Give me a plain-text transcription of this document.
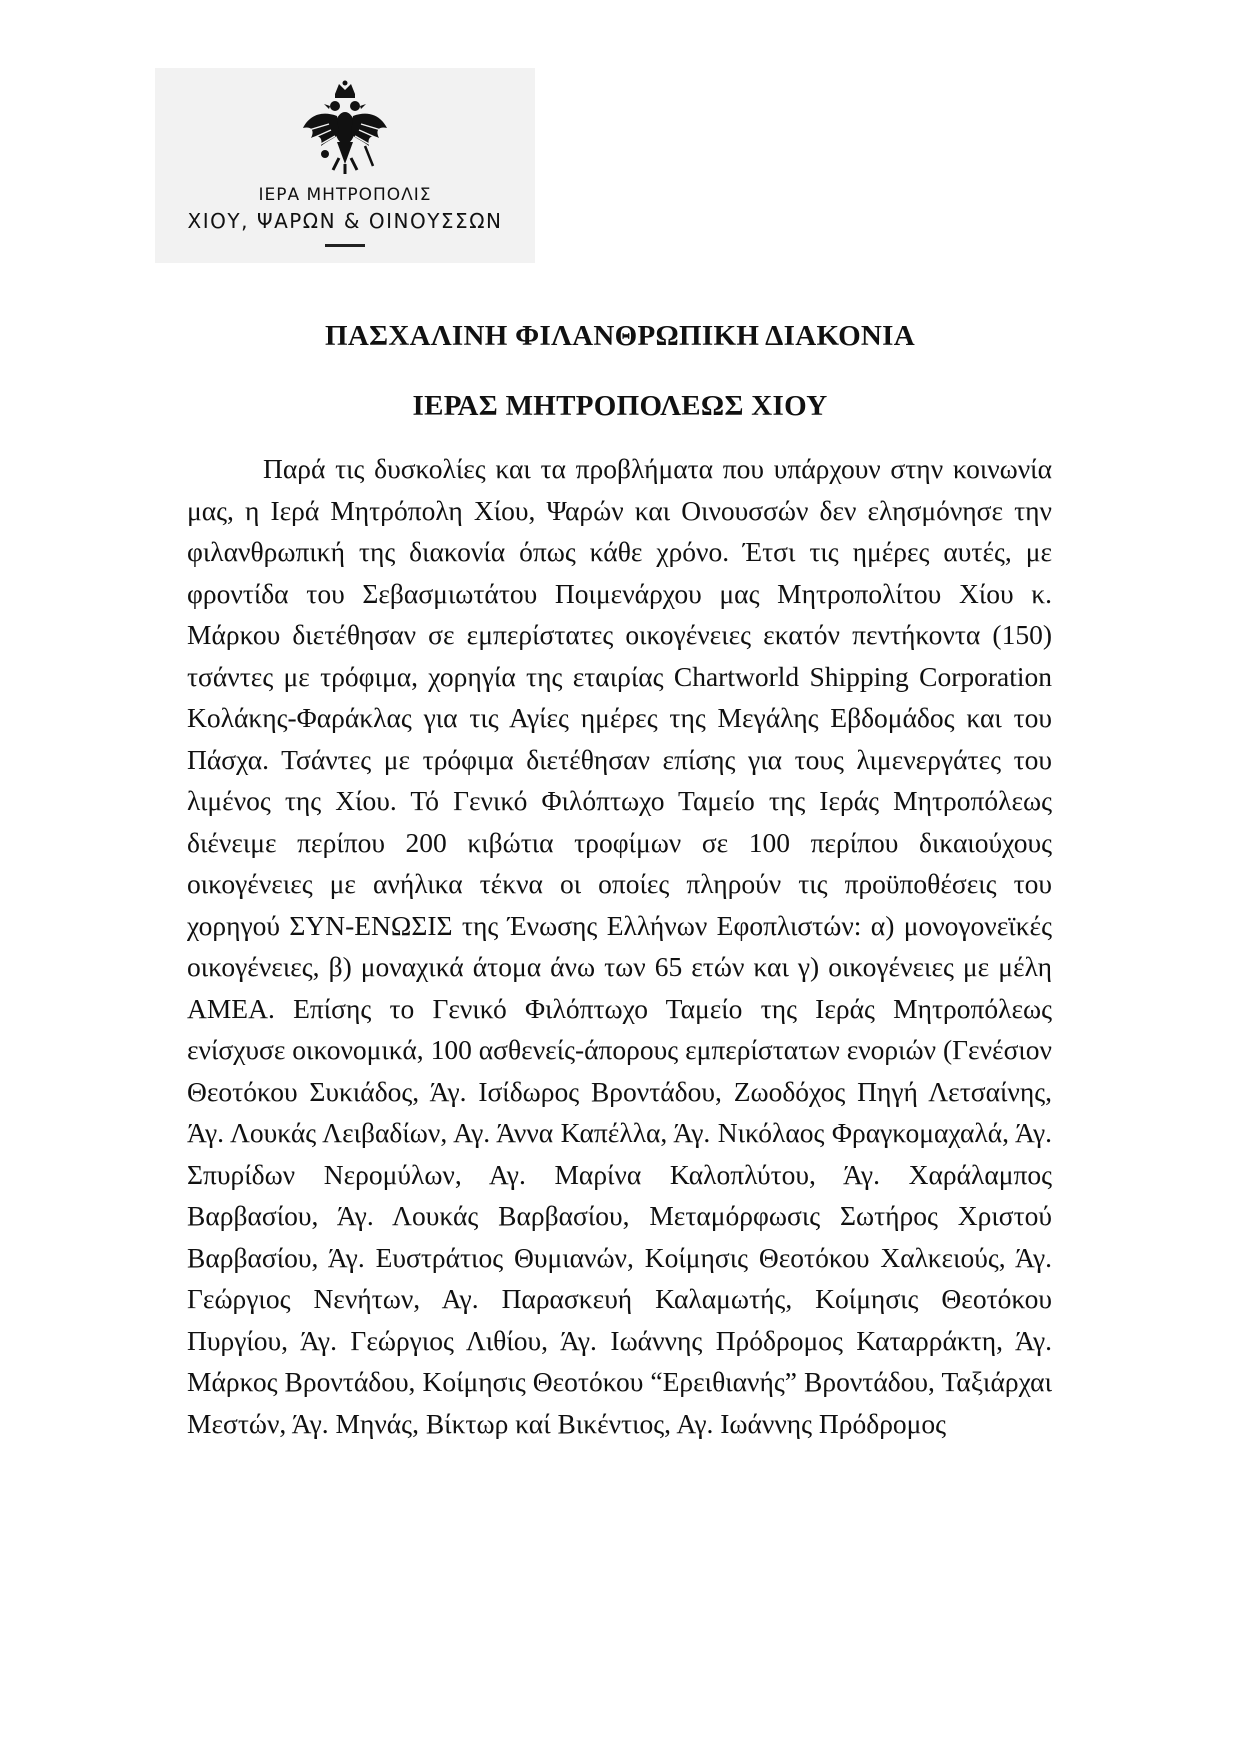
ΙΕΡΑ ΜΗΤΡΟΠΟΛΙΣ
ΧΙΟΥ, ΨΑΡΩΝ & ΟΙΝΟΥΣΣΩΝ
ΠΑΣΧΑΛΙΝΗ ΦΙΛΑΝΘΡΩΠΙΚΗ ΔΙΑΚΟΝΙΑ
ΙΕΡΑΣ ΜΗΤΡΟΠΟΛΕΩΣ ΧΙΟΥ

Παρά τις δυσκολίες και τα προβλήματα που υπάρχουν στην κοινωνία μας, η Ιερά Μητρόπολη Χίου, Ψαρών και Οινουσσών δεν ελησμόνησε την φιλανθρωπική της διακονία όπως κάθε χρόνο. Έτσι τις ημέρες αυτές, με φροντίδα του Σεβασμιωτάτου Ποιμενάρχου μας Μητροπολίτου Χίου κ. Μάρκου διετέθησαν σε εμπερίστατες οικογένειες εκατόν πεντήκοντα (150) τσάντες με τρόφιμα, χορηγία της εταιρίας Chartworld Shipping Corporation Κολάκης-Φαράκλας για τις Αγίες ημέρες της Μεγάλης Εβδομάδος και του Πάσχα. Τσάντες με τρόφιμα διετέθησαν επίσης για τους λιμενεργάτες του λιμένος της Χίου. Τό Γενικό Φιλόπτωχο Ταμείο της Ιεράς Μητροπόλεως διένειμε περίπου 200 κιβώτια τροφίμων σε 100 περίπου δικαιούχους οικογένειες με ανήλικα τέκνα οι οποίες πληρούν τις προϋποθέσεις του χορηγού ΣΥΝ-ΕΝΩΣΙΣ της Ένωσης Ελλήνων Εφοπλιστών: α) μονογονεϊκές οικογένειες, β) μοναχικά άτομα άνω των 65 ετών και γ) οικογένειες με μέλη ΑΜΕΑ. Επίσης το Γενικό Φιλόπτωχο Ταμείο της Ιεράς Μητροπόλεως ενίσχυσε οικονομικά, 100 ασθενείς-άπορους εμπερίστατων ενοριών (Γενέσιον Θεοτόκου Συκιάδος, Άγ. Ισίδωρος Βροντάδου, Ζωοδόχος Πηγή Λετσαίνης, Άγ. Λουκάς Λειβαδίων, Αγ. Άννα Καπέλλα, Άγ. Νικόλαος Φραγκομαχαλά, Άγ. Σπυρίδων Νερομύλων, Αγ. Μαρίνα Καλοπλύτου, Άγ. Χαράλαμπος Βαρβασίου, Άγ. Λουκάς Βαρβασίου, Μεταμόρφωσις Σωτήρος Χριστού Βαρβασίου, Άγ. Ευστράτιος Θυμιανών, Κοίμησις Θεοτόκου Χαλκειούς, Άγ. Γεώργιος Νενήτων, Αγ. Παρασκευή Καλαμωτής, Κοίμησις Θεοτόκου Πυργίου, Άγ. Γεώργιος Λιθίου, Άγ. Ιωάννης Πρόδρομος Καταρράκτη, Άγ. Μάρκος Βροντάδου, Κοίμησις Θεοτόκου “Ερειθιανής” Βροντάδου, Ταξιάρχαι Μεστών, Άγ. Μηνάς, Βίκτωρ καί Βικέντιος, Αγ. Ιωάννης Πρόδρομος
